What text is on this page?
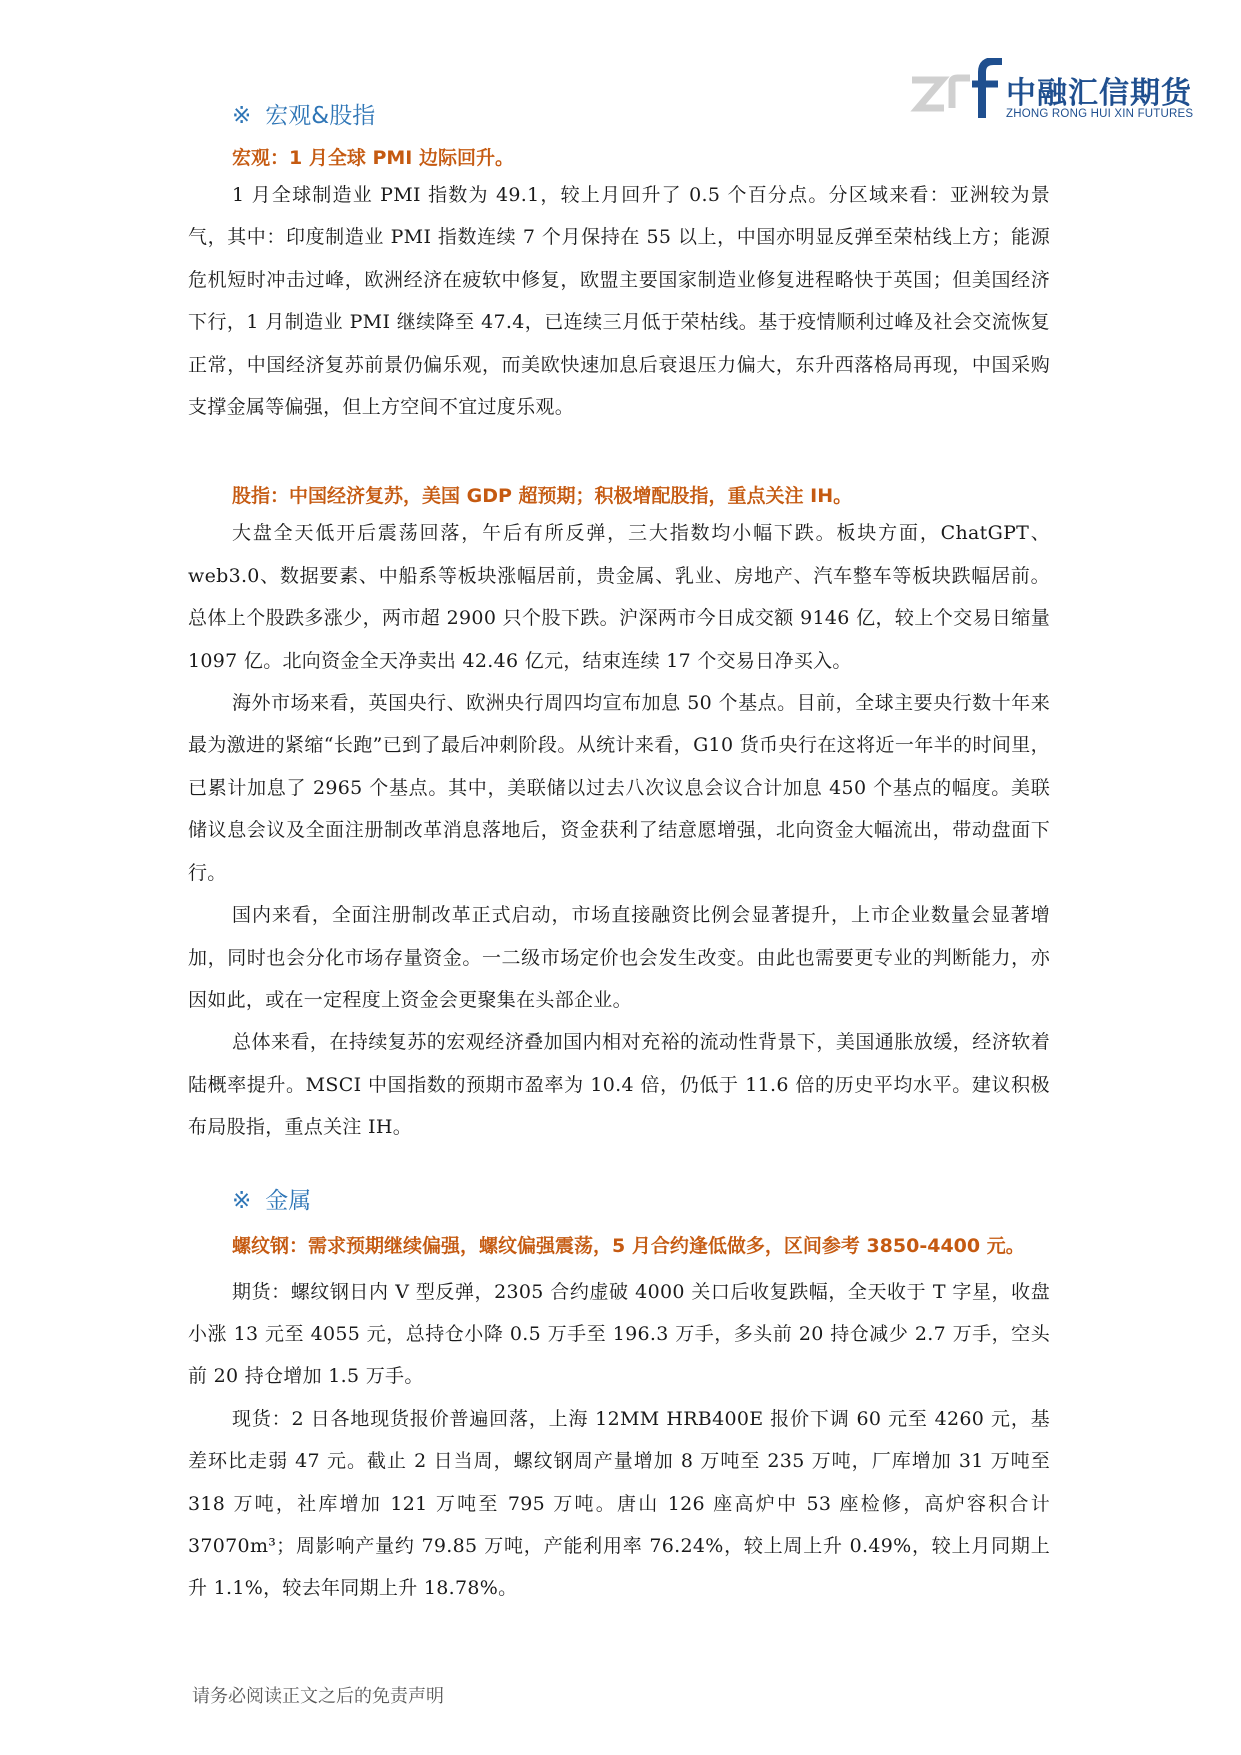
中融汇信期货
ZHONG RONG HUI XIN FUTURES
※ 宏观&股指
宏观：1 月全球 PMI 边际回升。

1 月全球制造业 PMI 指数为 49.1，较上月回升了 0.5 个百分点。分区域来看：亚洲较为景气，其中：印度制造业 PMI 指数连续 7 个月保持在 55 以上，中国亦明显反弹至荣枯线上方；能源危机短时冲击过峰，欧洲经济在疲软中修复，欧盟主要国家制造业修复进程略快于英国；但美国经济下行，1 月制造业 PMI 继续降至 47.4，已连续三月低于荣枯线。基于疫情顺利过峰及社会交流恢复正常，中国经济复苏前景仍偏乐观，而美欧快速加息后衰退压力偏大，东升西落格局再现，中国采购支撑金属等偏强，但上方空间不宜过度乐观。

股指：中国经济复苏，美国 GDP 超预期；积极增配股指，重点关注 IH。

大盘全天低开后震荡回落，午后有所反弹，三大指数均小幅下跌。板块方面，ChatGPT、web3.0、数据要素、中船系等板块涨幅居前，贵金属、乳业、房地产、汽车整车等板块跌幅居前。总体上个股跌多涨少，两市超 2900 只个股下跌。沪深两市今日成交额 9146 亿，较上个交易日缩量 1097 亿。北向资金全天净卖出 42.46 亿元，结束连续 17 个交易日净买入。

海外市场来看，英国央行、欧洲央行周四均宣布加息 50 个基点。目前，全球主要央行数十年来最为激进的紧缩“长跑”已到了最后冲刺阶段。从统计来看，G10 货币央行在这将近一年半的时间里，已累计加息了 2965 个基点。其中，美联储以过去八次议息会议合计加息 450 个基点的幅度。美联储议息会议及全面注册制改革消息落地后，资金获利了结意愿增强，北向资金大幅流出，带动盘面下行。

国内来看，全面注册制改革正式启动，市场直接融资比例会显著提升，上市企业数量会显著增加，同时也会分化市场存量资金。一二级市场定价也会发生改变。由此也需要更专业的判断能力，亦因如此，或在一定程度上资金会更聚集在头部企业。

总体来看，在持续复苏的宏观经济叠加国内相对充裕的流动性背景下，美国通胀放缓，经济软着陆概率提升。MSCI 中国指数的预期市盈率为 10.4 倍，仍低于 11.6 倍的历史平均水平。建议积极布局股指，重点关注 IH。

※ 金属
螺纹钢：需求预期继续偏强，螺纹偏强震荡，5 月合约逢低做多，区间参考 3850-4400 元。

期货：螺纹钢日内 V 型反弹，2305 合约虚破 4000 关口后收复跌幅，全天收于 T 字星，收盘小涨 13 元至 4055 元，总持仓小降 0.5 万手至 196.3 万手，多头前 20 持仓减少 2.7 万手，空头前 20 持仓增加 1.5 万手。

现货：2 日各地现货报价普遍回落，上海 12MM HRB400E 报价下调 60 元至 4260 元，基差环比走弱 47 元。截止 2 日当周，螺纹钢周产量增加 8 万吨至 235 万吨，厂库增加 31 万吨至 318 万吨，社库增加 121 万吨至 795 万吨。唐山 126 座高炉中 53 座检修，高炉容积合计 37070m³；周影响产量约 79.85 万吨，产能利用率 76.24%，较上周上升 0.49%，较上月同期上升 1.1%，较去年同期上升 18.78%。

请务必阅读正文之后的免责声明
